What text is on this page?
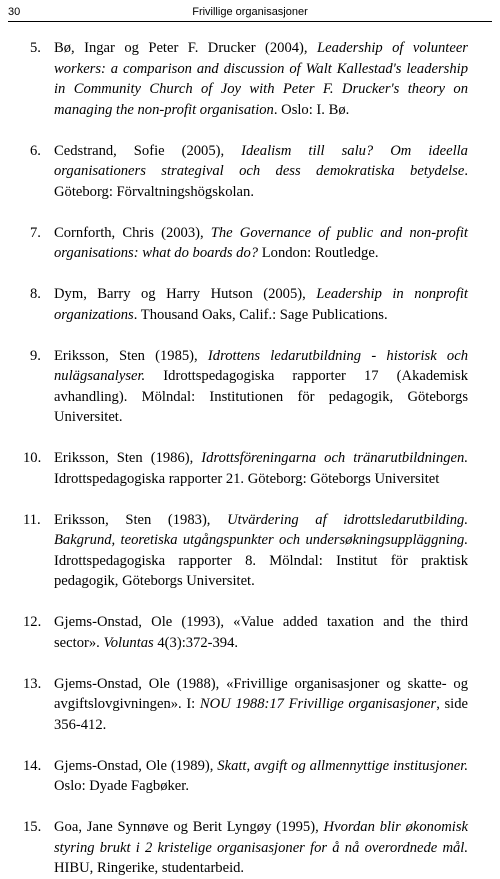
30	Frivillige organisasjoner
5. Bø, Ingar og Peter F. Drucker (2004), Leadership of volunteer workers: a comparison and discussion of Walt Kallestad's leadership in Community Church of Joy with Peter F. Drucker's theory on managing the non-profit organisation. Oslo: I. Bø.
6. Cedstrand, Sofie (2005), Idealism till salu? Om ideella organisationers strategival och dess demokratiska betydelse. Göteborg: Förvaltningshögskolan.
7. Cornforth, Chris (2003), The Governance of public and non-profit organisations: what do boards do? London: Routledge.
8. Dym, Barry og Harry Hutson (2005), Leadership in nonprofit organizations. Thousand Oaks, Calif.: Sage Publications.
9. Eriksson, Sten (1985), Idrottens ledarutbildning - historisk och nulägsanalyser. Idrottspedagogiska rapporter 17 (Akademisk avhandling). Mölndal: Institutionen för pedagogik, Göteborgs Universitet.
10. Eriksson, Sten (1986), Idrottsföreningarna och tränarutbildningen. Idrottspedagogiska rapporter 21. Göteborg: Göteborgs Universitet
11. Eriksson, Sten (1983), Utvärdering af idrottsledarutbilding. Bakgrund, teoretiska utgångspunkter och undersøkningsuppläggning. Idrottspedagogiska rapporter 8. Mölndal: Institut för praktisk pedagogik, Göteborgs Universitet.
12. Gjems-Onstad, Ole (1993), «Value added taxation and the third sector». Voluntas 4(3):372-394.
13. Gjems-Onstad, Ole (1988), «Frivillige organisasjoner og skatte- og avgiftslovgivningen». I: NOU 1988:17 Frivillige organisasjoner, side 356-412.
14. Gjems-Onstad, Ole (1989), Skatt, avgift og allmennyttige institusjoner. Oslo: Dyade Fagbøker.
15. Goa, Jane Synnøve og Berit Lyngøy (1995), Hvordan blir økonomisk styring brukt i 2 kristelige organisasjoner for å nå overordnede mål. HIBU, Ringerike, studentarbeid.
